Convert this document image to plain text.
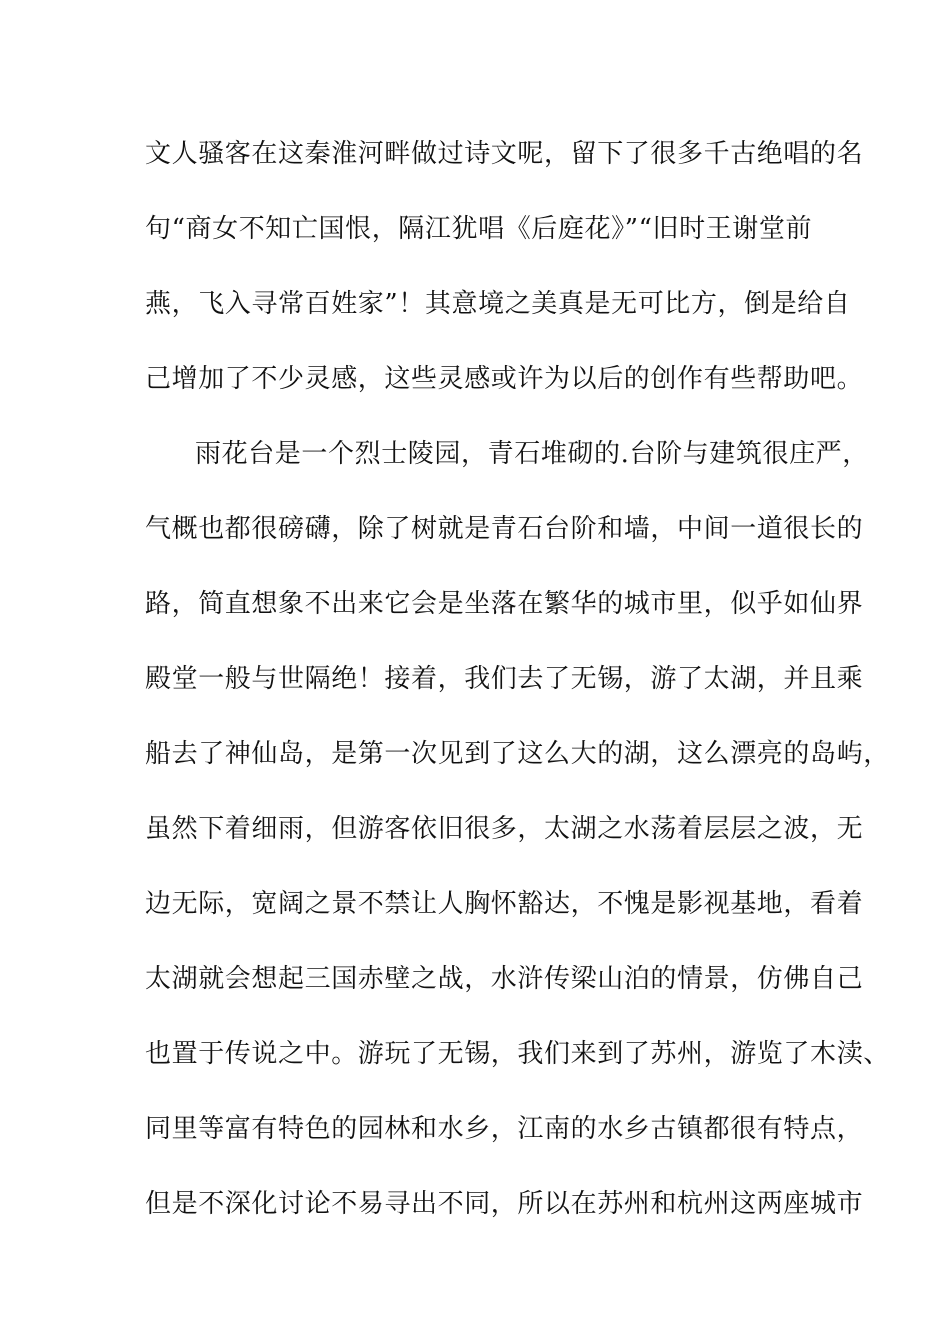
文人骚客在这秦淮河畔做过诗文呢，留下了很多千古绝唱的名
句“商女不知亡国恨，隔江犹唱《后庭花》”“旧时王谢堂前
燕，飞入寻常百姓家”！其意境之美真是无可比方，倒是给自
己增加了不少灵感，这些灵感或许为以后的创作有些帮助吧。
雨花台是一个烈士陵园，青石堆砌的.台阶与建筑很庄严，
气概也都很磅礴，除了树就是青石台阶和墙，中间一道很长的
路，简直想象不出来它会是坐落在繁华的城市里，似乎如仙界
殿堂一般与世隔绝！接着，我们去了无锡，游了太湖，并且乘
船去了神仙岛，是第一次见到了这么大的湖，这么漂亮的岛屿，
虽然下着细雨，但游客依旧很多，太湖之水荡着层层之波，无
边无际，宽阔之景不禁让人胸怀豁达，不愧是影视基地，看着
太湖就会想起三国赤壁之战，水浒传梁山泊的情景，仿佛自己
也置于传说之中。游玩了无锡，我们来到了苏州，游览了木渎、
同里等富有特色的园林和水乡，江南的水乡古镇都很有特点，
但是不深化讨论不易寻出不同，所以在苏州和杭州这两座城市
